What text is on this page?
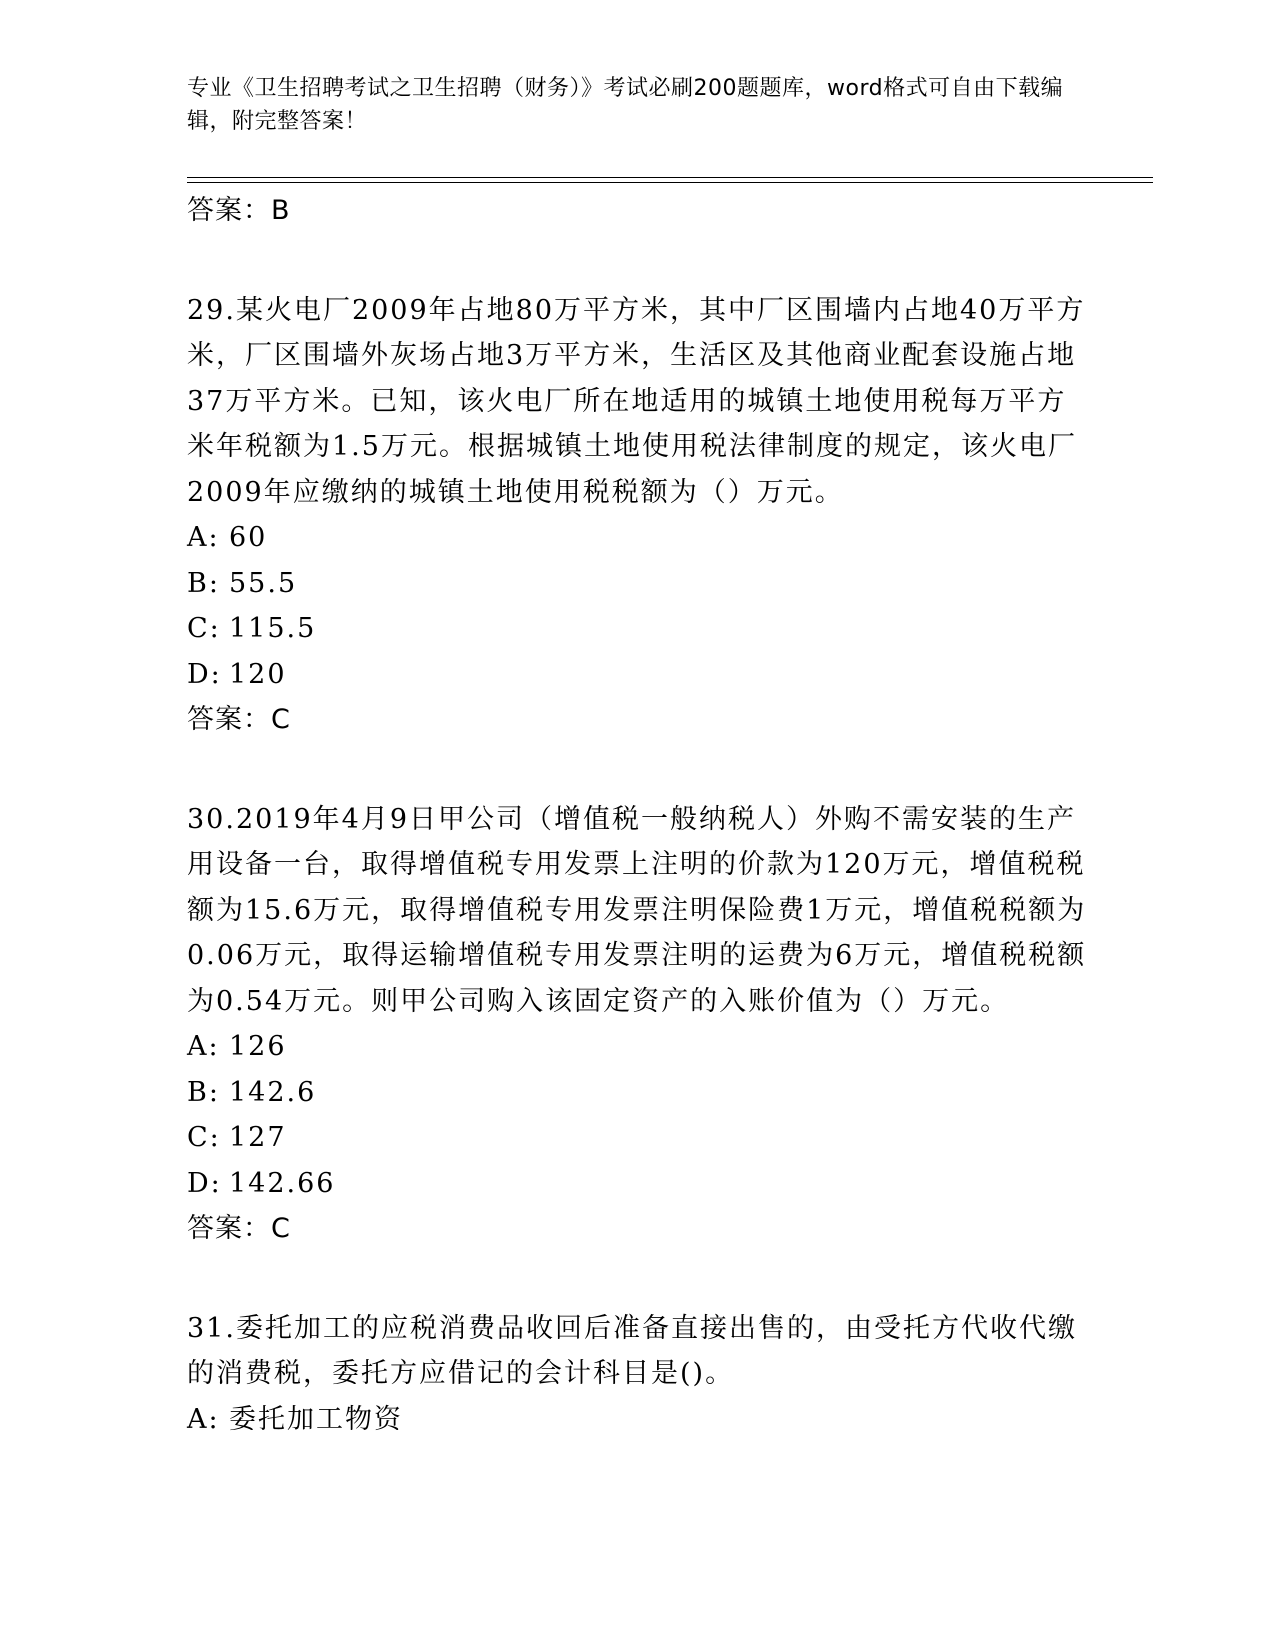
专业《卫生招聘考试之卫生招聘（财务）》考试必刷200题题库，word格式可自由下载编辑，附完整答案！

答案：B

29.某火电厂2009年占地80万平方米，其中厂区围墙内占地40万平方米，厂区围墙外灰场占地3万平方米，生活区及其他商业配套设施占地37万平方米。已知，该火电厂所在地适用的城镇土地使用税每万平方米年税额为1.5万元。根据城镇土地使用税法律制度的规定，该火电厂2009年应缴纳的城镇土地使用税税额为（）万元。

A: 60

B: 55.5

C: 115.5

D: 120

答案：C

30.2019年4月9日甲公司（增值税一般纳税人）外购不需安装的生产用设备一台，取得增值税专用发票上注明的价款为120万元，增值税税额为15.6万元，取得增值税专用发票注明保险费1万元，增值税税额为0.06万元，取得运输增值税专用发票注明的运费为6万元，增值税税额为0.54万元。则甲公司购入该固定资产的入账价值为（）万元。

A: 126

B: 142.6

C: 127

D: 142.66

答案：C

31.委托加工的应税消费品收回后准备直接出售的，由受托方代收代缴的消费税，委托方应借记的会计科目是()。

A: 委托加工物资
